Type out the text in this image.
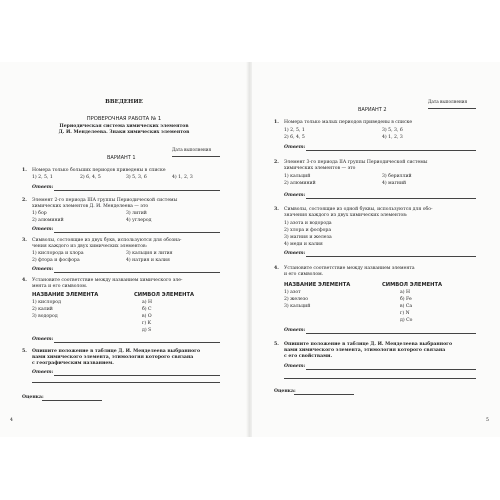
ВВЕДЕНИЕ
ПРОВЕРОЧНАЯ РАБОТА № 1
Периодическая система химических элементов
Д. И. Менделеева. Знаки химических элементов
Дата выполнения
ВАРИАНТ 1
1. Номера только больших периодов приведены в списке
1) 2, 5, 1	2) 6, 4, 5	3) 5, 3, 6	4) 1, 2, 3
Ответ:
2. Элемент 2-го периода IIIA группы Периодической системы
химических элементов Д. И. Менделеева — это
1) бор
2) алюминий
3) литий
4) углерод
Ответ:
3. Символы, состоящие из двух букв, используются для обозна-
чения каждого из двух химических элементов:
1) кислорода и хлора
2) фтора и фосфора
3) кальция и лития
4) натрия и калия
Ответ:
4. Установите соответствие между названием химического эле-
мента и его символом.
НАЗВАНИЕ ЭЛЕМЕНТА	СИМВОЛ ЭЛЕМЕНТА
1) кислород
2) калий
3) водород
а) H
б) C
в) O
г) K
д) S
Ответ:
5. Опишите положение в таблице Д. И. Менделеева выбранного
вами химического элемента, этимология которого связана
с географическим названием.
Ответ:
Оценка:
4
Дата выполнения
ВАРИАНТ 2
1. Номера только малых периодов приведены в списке
1) 2, 5, 1
2) 6, 4, 5
3) 5, 3, 6
4) 1, 2, 3
Ответ:
2. Элемент 3-го периода IIA группы Периодической системы
химических элементов — это
1) кальций
2) алюминий
3) бериллий
4) магний
Ответ:
3. Символы, состоящие из одной буквы, используются для обо-
значения каждого из двух химических элементов:
1) азота и водорода
2) хлора и фосфора
3) магния и железа
4) меди и калия
Ответ:
4. Установите соответствие между названием элемента
и его символом.
НАЗВАНИЕ ЭЛЕМЕНТА	СИМВОЛ ЭЛЕМЕНТА
1) азот
2) железо
3) кальций
а) H
б) Fe
в) Ca
г) N
д) Co
Ответ:
5. Опишите положение в таблице Д. И. Менделеева выбранного
вами химического элемента, этимология которого связана
с его свойствами.
Ответ:
Оценка:
5
